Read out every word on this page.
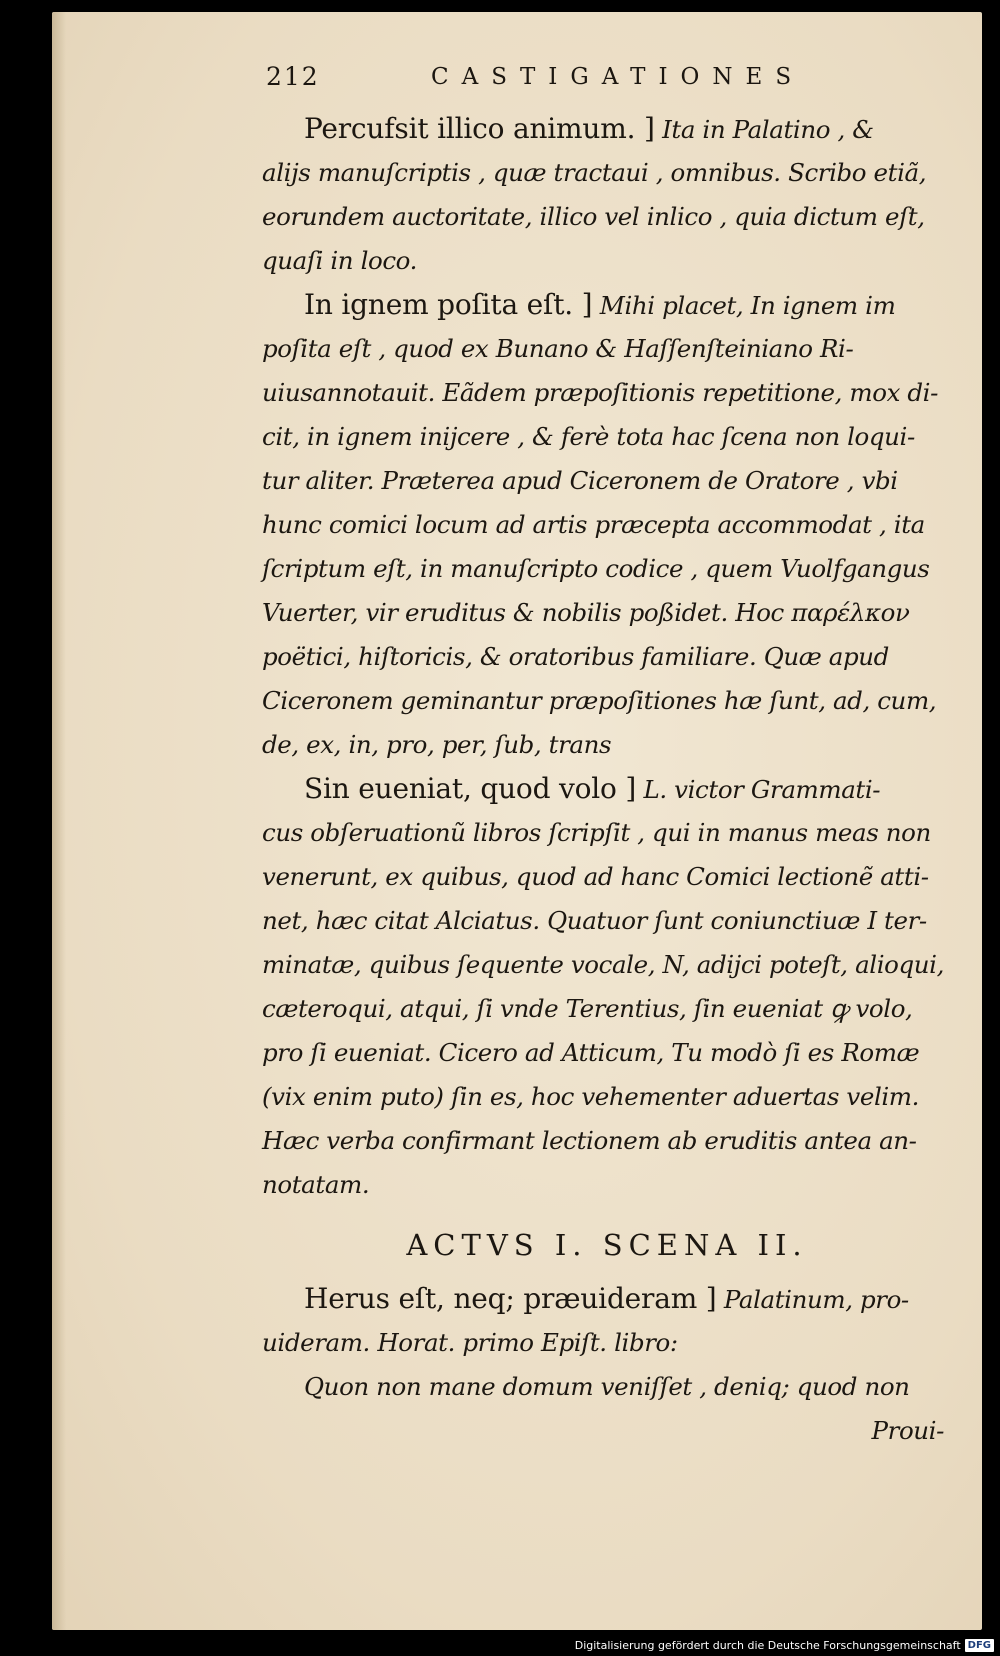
212	CASTIGATIONES
Percufsit illico animum. ] Ita in Palatino , &
alijs manuſcriptis , quæ tractaui , omnibus. Scribo etiã,
eorundem auctoritate, illico vel inlico , quia dictum eſt,
quaſi in loco.
In ignem poſita eſt. ] Mihi placet, In ignem im
poſita eſt , quod ex Bunano & Haſſenſteiniano Ri-
uiusannotauit. Eãdem præpoſitionis repetitione, mox di-
cit, in ignem inijcere , & ferè tota hac ſcena non loqui-
tur aliter. Præterea apud Ciceronem de Oratore , vbi
hunc comici locum ad artis præcepta accommodat , ita
ſcriptum eſt, in manuſcripto codice , quem Vuolfgangus
Vuerter, vir eruditus & nobilis poßidet. Hoc παρέλκον
poëtici, hiſtoricis, & oratoribus familiare. Quæ apud
Ciceronem geminantur præpoſitiones hæ ſunt, ad, cum,
de, ex, in, pro, per, ſub, trans
Sin eueniat, quod volo ] L. victor Grammati-
cus obſeruationũ libros ſcripſit , qui in manus meas non
venerunt, ex quibus, quod ad hanc Comici lectionẽ atti-
net, hæc citat Alciatus. Quatuor ſunt coniunctiuæ I ter-
minatæ, quibus ſequente vocale, N, adijci poteſt, alioqui,
cæteroqui, atqui, ſi vnde Terentius, ſin eueniat ꝙ volo,
pro ſi eueniat. Cicero ad Atticum, Tu modò ſi es Romæ
(vix enim puto) ſin es, hoc vehementer aduertas velim.
Hæc verba confirmant lectionem ab eruditis antea an-
notatam.
ACTVS I. SCENA II.
Herus eſt, neq; præuideram ] Palatinum, pro-
uideram. Horat. primo Epiſt. libro:
Quon non mane domum veniſſet , deniq; quod non
Proui-
Digitalisierung gefördert durch die Deutsche Forschungsgemeinschaft DFG
